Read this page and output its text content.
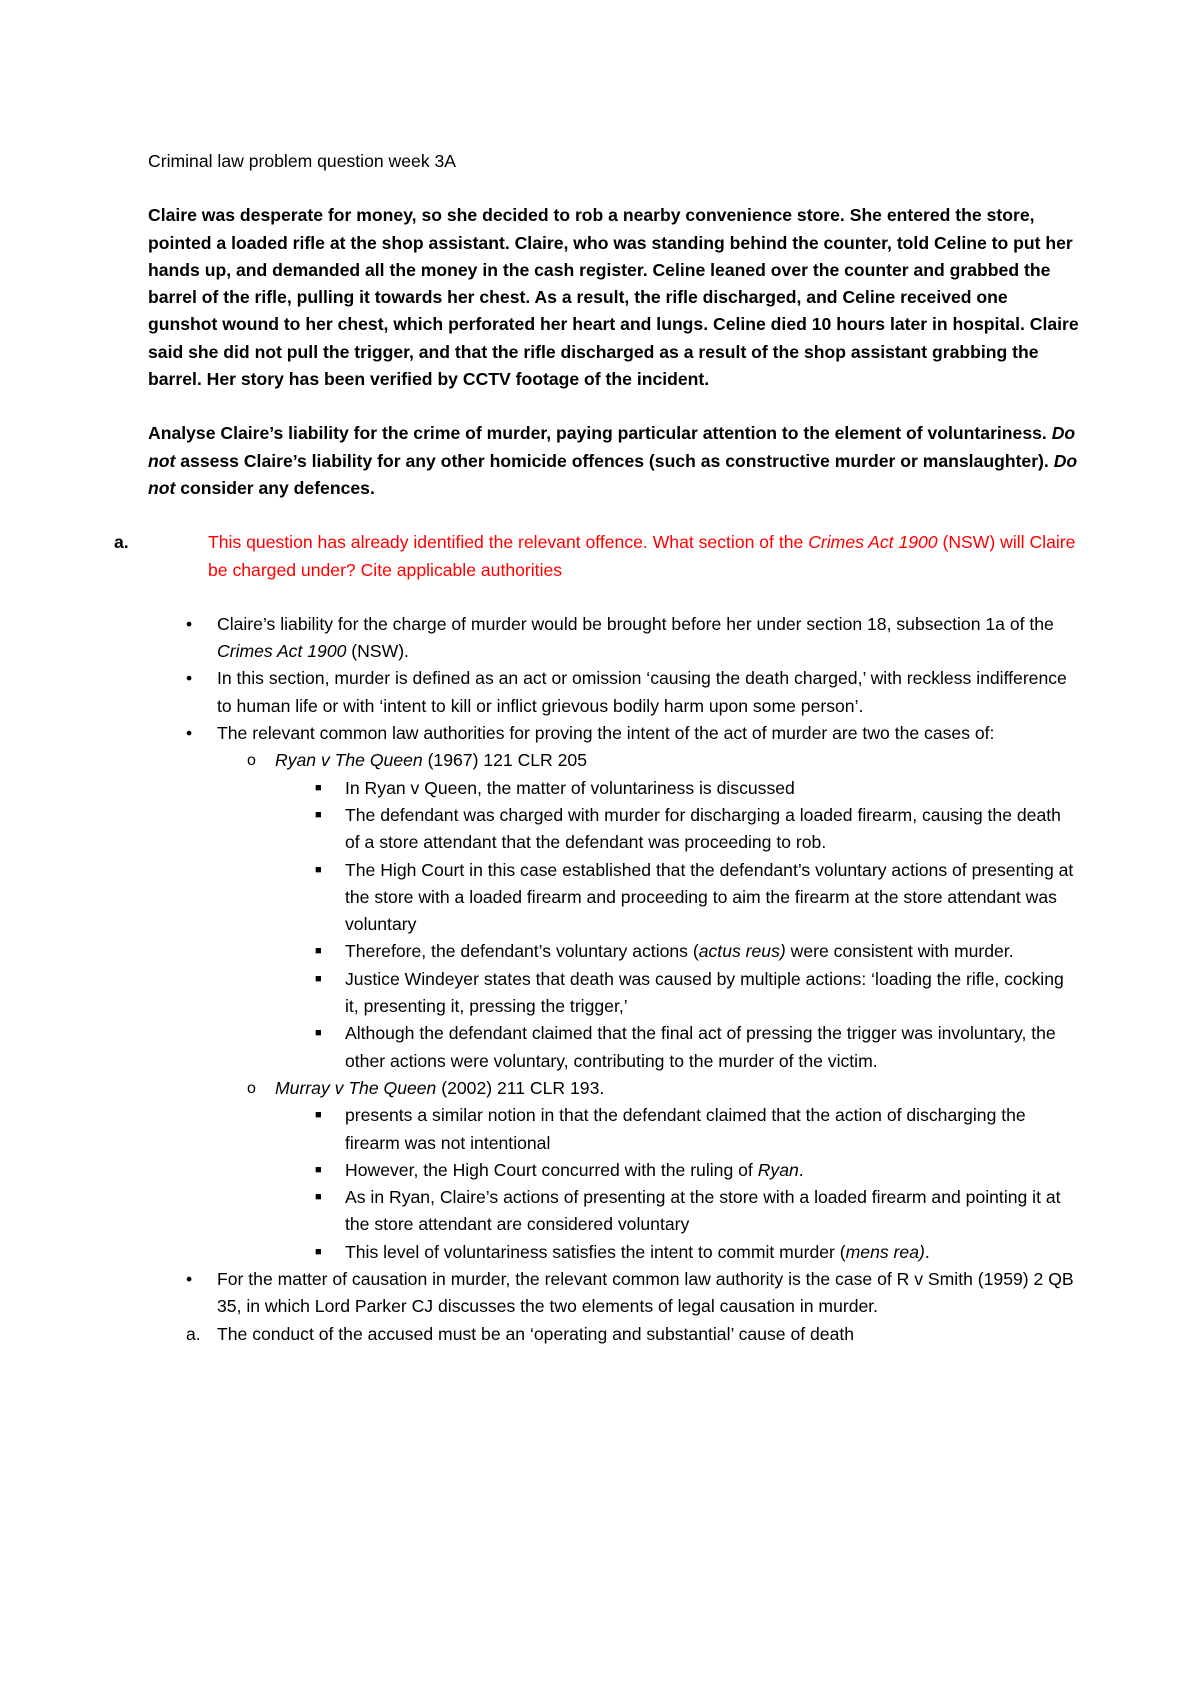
Criminal law problem question week 3A

Claire was desperate for money, so she decided to rob a nearby convenience store. She entered the store, pointed a loaded rifle at the shop assistant. Claire, who was standing behind the counter, told Celine to put her hands up, and demanded all the money in the cash register. Celine leaned over the counter and grabbed the barrel of the rifle, pulling it towards her chest. As a result, the rifle discharged, and Celine received one gunshot wound to her chest, which perforated her heart and lungs. Celine died 10 hours later in hospital. Claire said she did not pull the trigger, and that the rifle discharged as a result of the shop assistant grabbing the barrel. Her story has been verified by CCTV footage of the incident.

Analyse Claire’s liability for the crime of murder, paying particular attention to the element of voluntariness. Do not assess Claire’s liability for any other homicide offences (such as constructive murder or manslaughter). Do not consider any defences.

a.	This question has already identified the relevant offence. What section of the Crimes Act 1900 (NSW) will Claire be charged under? Cite applicable authorities
• Claire’s liability for the charge of murder would be brought before her under section 18, subsection 1a of the Crimes Act 1900 (NSW).
• In this section, murder is defined as an act or omission ‘causing the death charged,’ with reckless indifference to human life or with ‘intent to kill or inflict grievous bodily harm upon some person’.
• The relevant common law authorities for proving the intent of the act of murder are two the cases of:
o Ryan v The Queen (1967) 121 CLR 205
■ In Ryan v Queen, the matter of voluntariness is discussed
■ The defendant was charged with murder for discharging a loaded firearm, causing the death of a store attendant that the defendant was proceeding to rob.
■ The High Court in this case established that the defendant’s voluntary actions of presenting at the store with a loaded firearm and proceeding to aim the firearm at the store attendant was voluntary
■ Therefore, the defendant’s voluntary actions (actus reus) were consistent with murder.
■ Justice Windeyer states that death was caused by multiple actions: ‘loading the rifle, cocking it, presenting it, pressing the trigger,’
■ Although the defendant claimed that the final act of pressing the trigger was involuntary, the other actions were voluntary, contributing to the murder of the victim.
o Murray v The Queen (2002) 211 CLR 193.
■ presents a similar notion in that the defendant claimed that the action of discharging the firearm was not intentional
■ However, the High Court concurred with the ruling of Ryan.
■ As in Ryan, Claire’s actions of presenting at the store with a loaded firearm and pointing it at the store attendant are considered voluntary
■ This level of voluntariness satisfies the intent to commit murder (mens rea).
• For the matter of causation in murder, the relevant common law authority is the case of R v Smith (1959) 2 QB 35, in which Lord Parker CJ discusses the two elements of legal causation in murder.
a. The conduct of the accused must be an ‘operating and substantial’ cause of death
